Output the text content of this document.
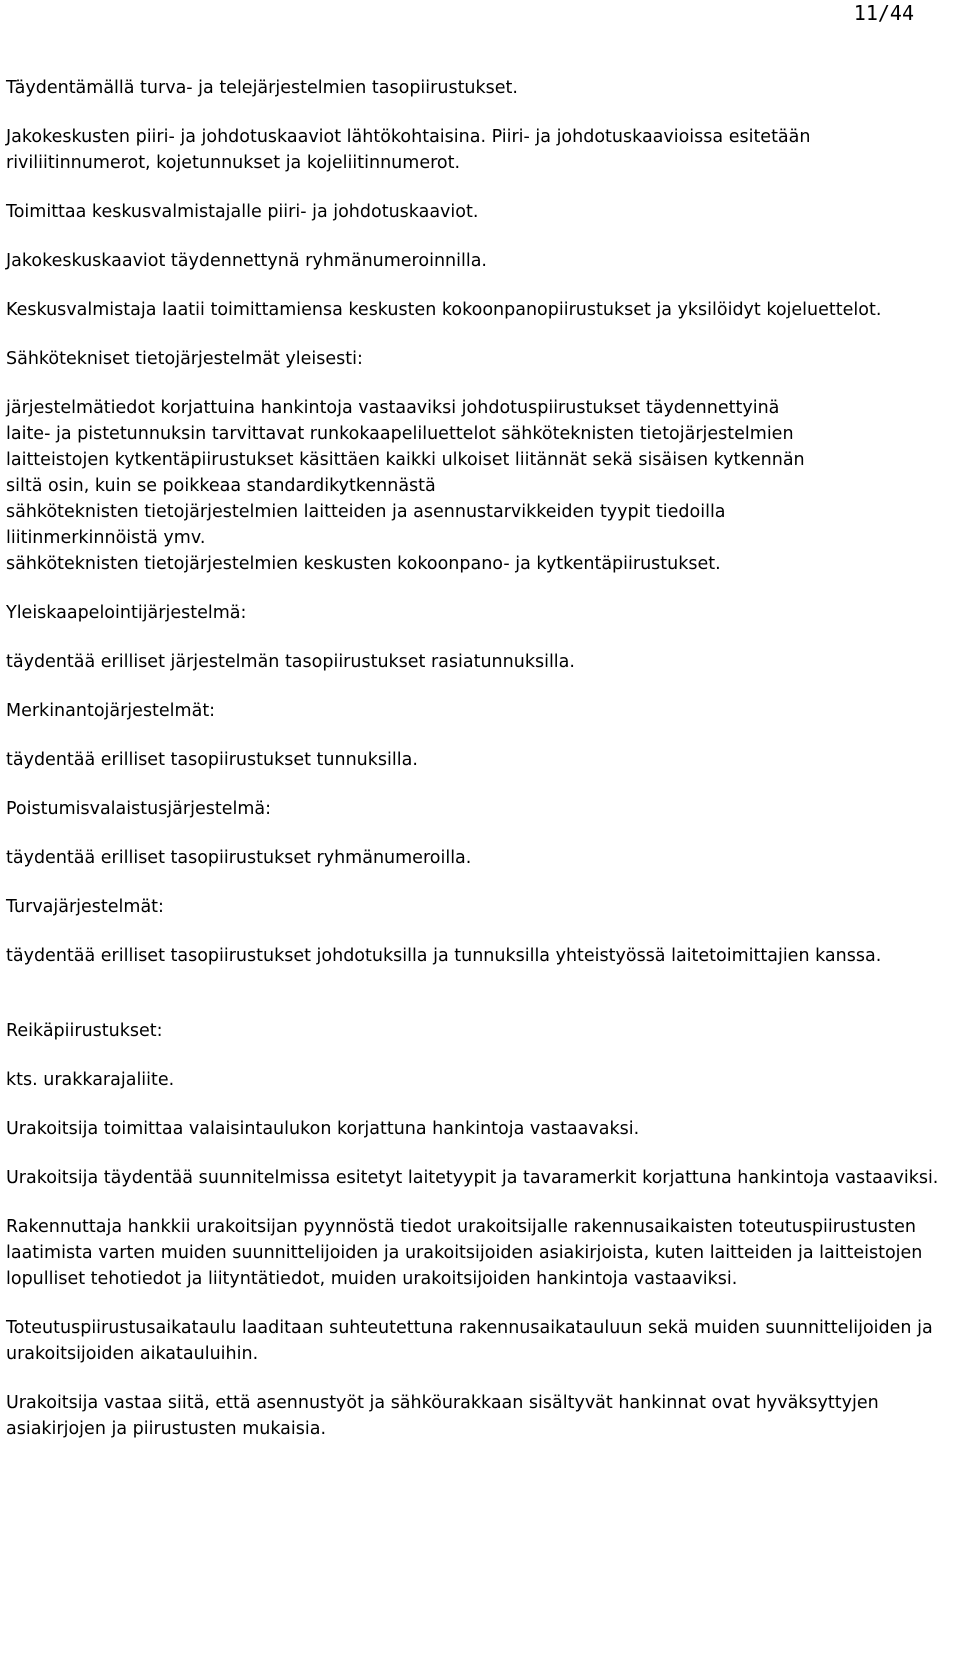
11/44

Täydentämällä turva- ja telejärjestelmien tasopiirustukset.

Jakokeskusten piiri- ja johdotuskaaviot lähtökohtaisina. Piiri- ja johdotuskaavioissa esitetään riviliitinnumerot, kojetunnukset ja kojeliitinnumerot.

Toimittaa keskusvalmistajalle piiri- ja johdotuskaaviot.

Jakokeskuskaaviot täydennettynä ryhmänumeroinnilla.

Keskusvalmistaja laatii toimittamiensa keskusten kokoonpanopiirustukset ja yksilöidyt kojeluettelot.

Sähkötekniset tietojärjestelmät yleisesti:

järjestelmätiedot korjattuina hankintoja vastaaviksi johdotuspiirustukset täydennettyinä
laite- ja pistetunnuksin tarvittavat runkokaapeliluettelot sähköteknisten tietojärjestelmien
laitteistojen kytkentäpiirustukset käsittäen kaikki ulkoiset liitännät sekä sisäisen kytkennän
siltä osin, kuin se poikkeaa standardikytkennästä
sähköteknisten tietojärjestelmien laitteiden ja asennustarvikkeiden tyypit tiedoilla
liitinmerkinnöistä ymv.
sähköteknisten tietojärjestelmien keskusten kokoonpano- ja kytkentäpiirustukset.

Yleiskaapelointijärjestelmä:

täydentää erilliset järjestelmän tasopiirustukset rasiatunnuksilla.

Merkinantojärjestelmät:

täydentää erilliset tasopiirustukset tunnuksilla.

Poistumisvalaistusjärjestelmä:

täydentää erilliset tasopiirustukset ryhmänumeroilla.

Turvajärjestelmät:

täydentää erilliset tasopiirustukset johdotuksilla ja tunnuksilla yhteistyössä laitetoimittajien kanssa.

Reikäpiirustukset:

kts. urakkarajaliite.

Urakoitsija toimittaa valaisintaulukon korjattuna hankintoja vastaavaksi.

Urakoitsija täydentää suunnitelmissa esitetyt laitetyypit ja tavaramerkit korjattuna hankintoja vastaaviksi.

Rakennuttaja hankkii urakoitsijan pyynnöstä tiedot urakoitsijalle rakennusaikaisten toteutuspiirustusten laatimista varten muiden suunnittelijoiden ja urakoitsijoiden asiakirjoista, kuten laitteiden ja laitteistojen lopulliset tehotiedot ja liityntätiedot, muiden urakoitsijoiden hankintoja vastaaviksi.

Toteutuspiirustusaikataulu laaditaan suhteutettuna rakennusaikatauluun sekä muiden suunnittelijoiden ja urakoitsijoiden aikatauluihin.

Urakoitsija vastaa siitä, että asennustyöt ja sähköurakkaan sisältyvät hankinnat ovat hyväksyttyjen asiakirjojen ja piirustusten mukaisia.
